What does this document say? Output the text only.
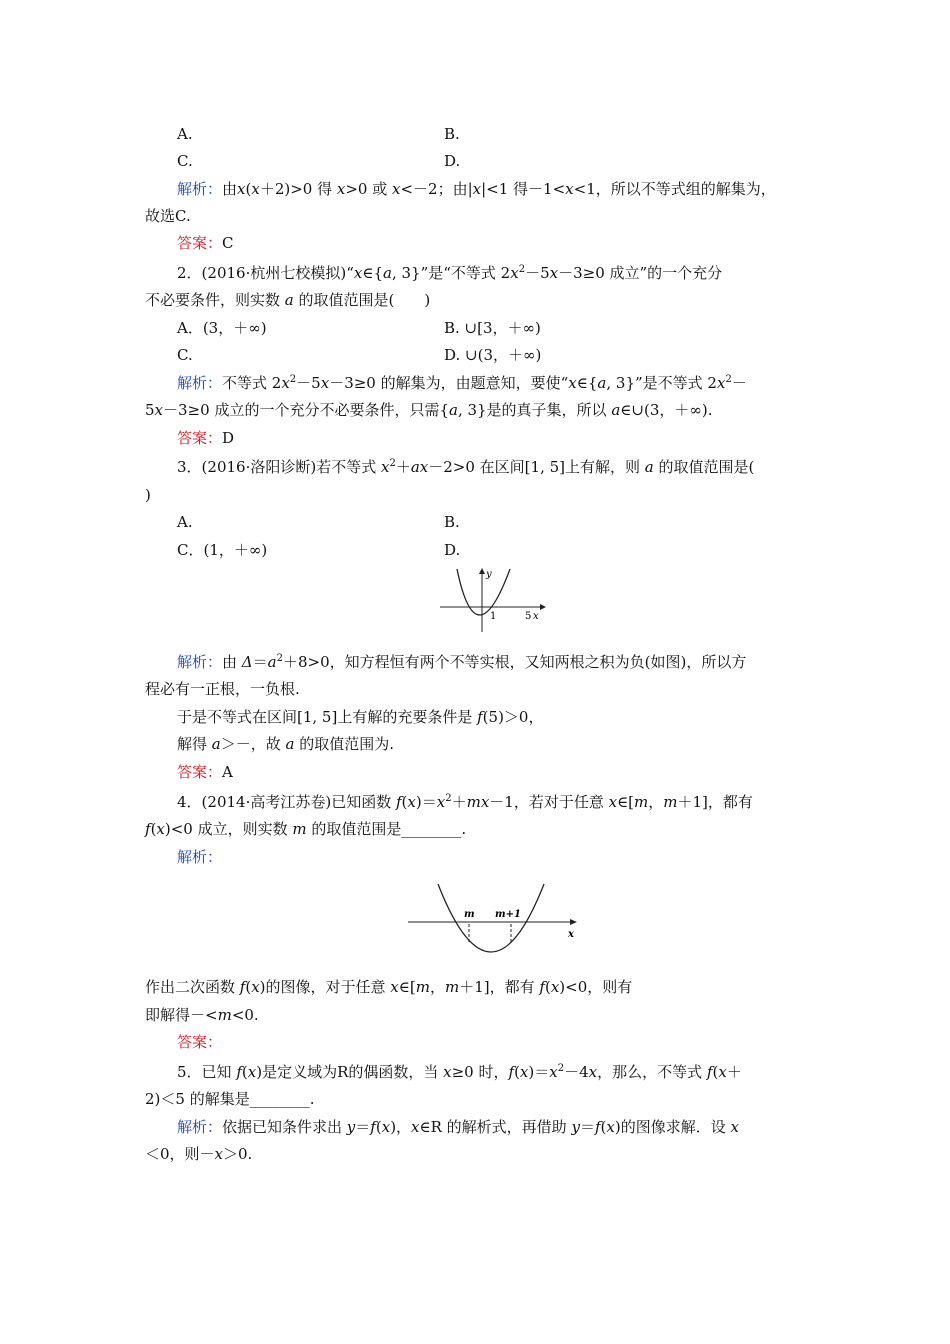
A.	B.
C.	D.
解析：由x(x＋2)>0 得 x>0 或 x<－2；由|x|<1 得－1<x<1，所以不等式组的解集为，
故选C.
答案：C
2．(2016·杭州七校模拟)“x∈{a, 3}”是“不等式 $2x^2-5x-3\ge 0$ 成立”的一个充分
不必要条件，则实数 a 的取值范围是(　　)
A．(3，＋∞)	B. ∪[3，＋∞)
C.	D. ∪(3，＋∞)
解析：不等式 $2x^2-5x-3\ge 0$ 的解集为，由题意知，要使“x∈{a, 3}”是不等式 $2x^2-$
5x－3≥0 成立的一个充分不必要条件，只需{a, 3}是的真子集，所以 a∈∪(3，＋∞).
答案：D
3．(2016·洛阳诊断)若不等式 $x^2+ax-2>0$ 在区间[1, 5]上有解，则 a 的取值范围是(
)
A.	B.
C．(1，＋∞)	D.
y
1	5 x
解析：由 $\Delta=a^2+8>0$，知方程恒有两个不等实根，又知两根之积为负(如图)，所以方
程必有一正根，一负根.
于是不等式在区间[1, 5]上有解的充要条件是 f(5)＞0，
解得 a＞－，故 a 的取值范围为.
答案：A
4．(2014·高考江苏卷)已知函数 $f(x)=x^2+mx-1$，若对于任意 x∈[m，m＋1]，都有
f(x)<0 成立，则实数 m 的取值范围是________.
解析：
m m+1
x
作出二次函数 f(x)的图像，对于任意 x∈[m，m＋1]，都有 f(x)<0，则有
即解得－<m<0.
答案：
5．已知 f(x)是定义域为R的偶函数，当 x≥0 时，$f(x)=x^2-4x$，那么，不等式 f(x＋
2)＜5 的解集是________.
解析：依据已知条件求出 y＝f(x)，x∈R 的解析式，再借助 y＝f(x)的图像求解．设 x
＜0，则－x＞0.
